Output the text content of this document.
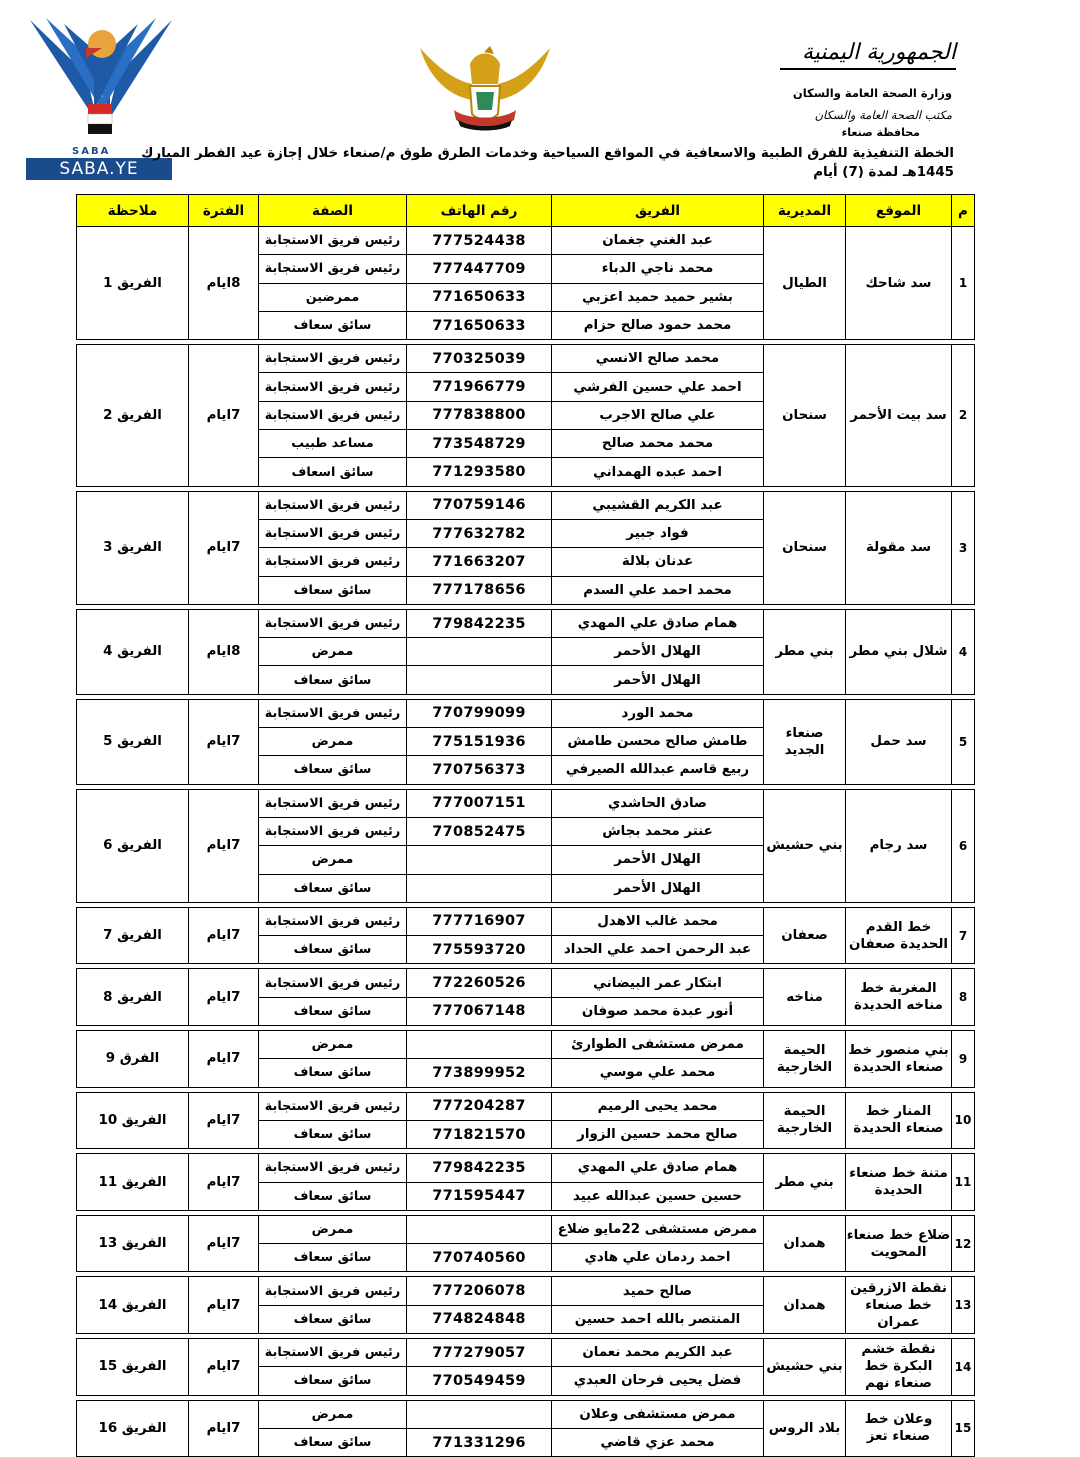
SABA
SABA.YE
الجمهورية اليمنية
وزارة الصحة العامة والسكان
مكتب الصحة العامة والسكان
محافظة صنعاء
الخطة التنفيذية للفرق الطبية والاسعافية في المواقع السياحية وخدمات الطرق طوق م/صنعاء خلال إجازة عيد الفطر المبارك 1445هـ لمدة (7) أيام
م	الموقع	المديرية	الفريق	رقم الهاتف	الصفة	الفترة	ملاحظة
1	سد شاحك	الطيال	عبد الغني جغمان	777524438	رئيس فريق الاستجابة	8ايام	الفريق 1
			محمد ناجي الدباء	777447709	رئيس فريق الاستجابة		
			بشير حميد حميد اعزبي	771650633	ممرضين		
			محمد حمود صالح حزام	771650633	سائق سعاف		

2	سد بيت الأحمر	سنحان	محمد صالح الانسي	770325039	رئيس فريق الاستجابة	7ايام	الفريق 2
			احمد علي حسين الفرشي	771966779	رئيس فريق الاستجابة		
			علي صالح الاجرب	777838800	رئيس فريق الاستجابة		
			محمد محمد صالح	773548729	مساعد طبيب		
			احمد عبده الهمداني	771293580	سائق اسعاف		

3	سد مقولة	سنحان	عبد الكريم القشيبي	770759146	رئيس فريق الاستجابة	7ايام	الفريق 3
			فواد جبير	777632782	رئيس فريق الاستجابة		
			عدنان بلالة	771663207	رئيس فريق الاستجابة		
			محمد احمد علي السدم	777178656	سائق سعاف		

4	شلال بني مطر	بني مطر	همام صادق علي المهدي	779842235	رئيس فريق الاستجابة	8ايام	الفريق 4
			الهلال الأحمر		ممرض		
			الهلال الأحمر		سائق سعاف		

5	سد حمل	صنعاء الجديد	محمد الورد	770799099	رئيس فريق الاستجابة	7ايام	الفريق 5
			طامش صالح محسن طامش	775151936	ممرض		
			ربيع قاسم عبدالله الصيرفي	770756373	سائق سعاف		

6	سد رجام	بني حشيش	صادق الحاشدي	777007151	رئيس فريق الاستجابة	7ايام	الفريق 6
			عنتر محمد بجاش	770852475	رئيس فريق الاستجابة		
			الهلال الأحمر		ممرض		
			الهلال الأحمر		سائق سعاف		

7	خط القدم الحديدة صعفان	صعفان	محمد غالب الاهدل	777716907	رئيس فريق الاستجابة	7ايام	الفريق 7
			عبد الرحمن احمد علي الحداد	775593720	سائق سعاف		

8	المغربة خط مناخه الحديدة	مناخه	ابتكار عمر البيضاني	772260526	رئيس فريق الاستجابة	7ايام	الفريق 8
			أنور عبدة محمد صوفان	777067148	سائق سعاف		

9	بني منصور خط صنعاء الحديدة	الحيمة الخارجية	ممرض مستشفى الطوارئ		ممرض	7ايام	الفرق 9
			محمد علي موسي	773899952	سائق سعاف		

10	المنار خط صنعاء الحديدة	الحيمة الخارجية	محمد يحيى الرميم	777204287	رئيس فريق الاستجابة	7ايام	الفريق 10
			صالح محمد حسين الزوار	771821570	سائق سعاف		

11	متنة خط صنعاء الحديدة	بني مطر	همام صادق علي المهدي	779842235	رئيس فريق الاستجابة	7ايام	الفريق 11
			حسين حسين عبدالله عبيد	771595447	سائق سعاف		

12	ضلاع خط صنعاء المحويت	همدان	ممرض مستشفى 22مايو ضلاع		ممرض	7ايام	الفريق 13
			احمد ردمان علي هادي	770740560	سائق سعاف		

13	نقطة الازرقين خط صنعاء عمران	همدان	صالح حميد	777206078	رئيس فريق الاستجابة	7ايام	الفريق 14
			المنتصر بالله احمد حسين	774824848	سائق سعاف		

14	نقطة خشم البكرة خط صنعاء نهم	بني حشيش	عبد الكريم محمد نعمان	777279057	رئيس فريق الاستجابة	7ايام	الفريق 15
			فضل يحيى فرحان العبدي	770549459	سائق سعاف		

15	وعلان خط صنعاء تعز	بلاد الروس	ممرض مستشفى وعلان		ممرض	7ايام	الفريق 16
			محمد عزي قاضي	771331296	سائق سعاف		
